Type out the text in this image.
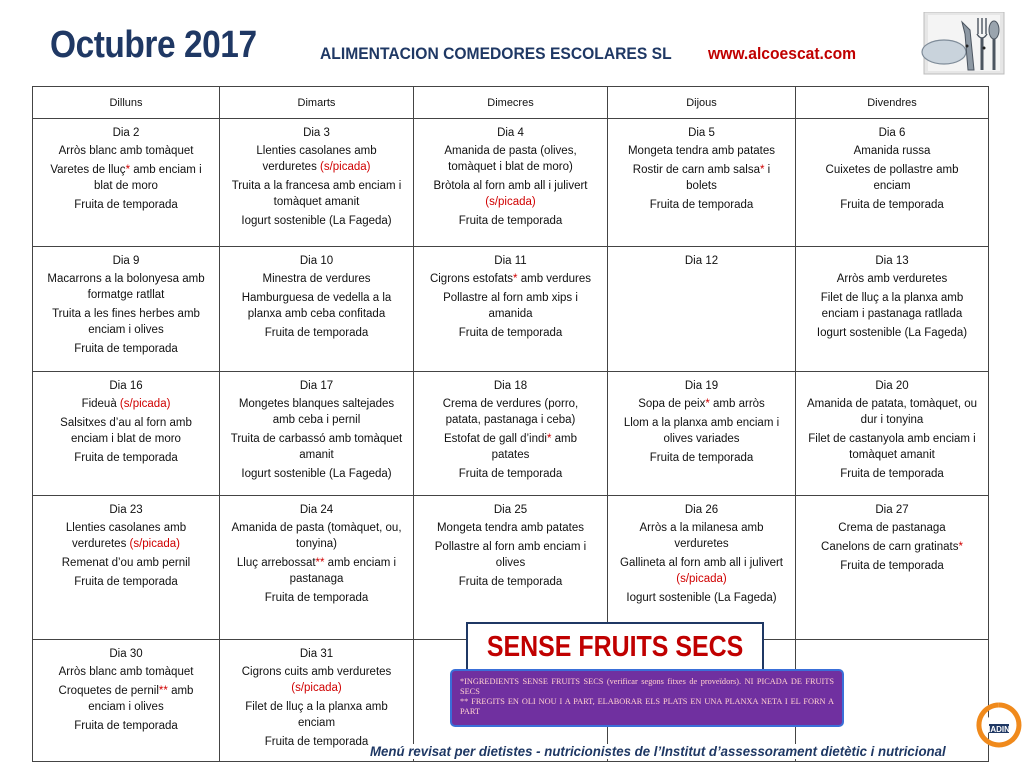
Octubre 2017	ALIMENTACION COMEDORES ESCOLARES SL www.alcoescat.com
Dilluns	Dimarts	Dimecres	Dijous	Divendres

Dia 2
Arròs blanc amb tomàquet
Varetes de lluç* amb enciam i blat de moro
Fruita de temporada	Dia 3
Llenties casolanes amb verduretes (s/picada)
Truita a la francesa amb enciam i tomàquet amanit
Iogurt sostenible (La Fageda)	Dia 4
Amanida de pasta (olives, tomàquet i blat de moro)
Bròtola al forn amb all i julivert (s/picada)
Fruita de temporada	Dia 5
Mongeta tendra amb patates
Rostir de carn amb salsa* i bolets
Fruita de temporada	Dia 6
Amanida russa
Cuixetes de pollastre amb enciam
Fruita de temporada

Dia 9
Macarrons a la bolonyesa amb formatge ratllat
Truita a les fines herbes amb enciam i olives
Fruita de temporada	Dia 10
Minestra de verdures
Hamburguesa de vedella a la planxa amb ceba confitada
Fruita de temporada	Dia 11
Cigrons estofats* amb verdures
Pollastre al forn amb xips i amanida
Fruita de temporada	Dia 12	Dia 13
Arròs amb verduretes
Filet de lluç a la planxa amb enciam i pastanaga ratllada
Iogurt sostenible (La Fageda)

Dia 16
Fideuà (s/picada)
Salsitxes d’au al forn amb enciam i blat de moro
Fruita de temporada	Dia 17
Mongetes blanques saltejades amb ceba i pernil
Truita de carbassó amb tomàquet amanit
Iogurt sostenible (La Fageda)	Dia 18
Crema de verdures (porro, patata, pastanaga i ceba)
Estofat de gall d’indi* amb patates
Fruita de temporada	Dia 19
Sopa de peix* amb arròs
Llom a la planxa amb enciam i olives variades
Fruita de temporada	Dia 20
Amanida de patata, tomàquet, ou dur i tonyina
Filet de castanyola amb enciam i tomàquet amanit
Fruita de temporada

Dia 23
Llenties casolanes amb verduretes (s/picada)
Remenat d’ou amb pernil
Fruita de temporada	Dia 24
Amanida de pasta (tomàquet, ou, tonyina)
Lluç arrebossat** amb enciam i pastanaga
Fruita de temporada	Dia 25
Mongeta tendra amb patates
Pollastre al forn amb enciam i olives
Fruita de temporada	Dia 26
Arròs a la milanesa amb verduretes
Gallineta al forn amb all i julivert (s/picada)
Iogurt sostenible (La Fageda)	Dia 27
Crema de pastanaga
Canelons de carn gratinats*
Fruita de temporada

Dia 30
Arròs blanc amb tomàquet
Croquetes de pernil** amb enciam i olives
Fruita de temporada	Dia 31
Cigrons cuits amb verduretes (s/picada)
Filet de lluç a la planxa amb enciam
Fruita de temporada			

SENSE FRUITS SECS
*INGREDIENTS SENSE FRUITS SECS (verificar segons fitxes de proveïdors). NI PICADA DE FRUITS SECS
** FREGITS EN OLI NOU I A PART, ELABORAR ELS PLATS EN UNA PLANXA NETA I EL FORN A PART
Menú revisat per dietistes - nutricionistes de l’Institut d’assessorament dietètic i nutricional
IADIN
